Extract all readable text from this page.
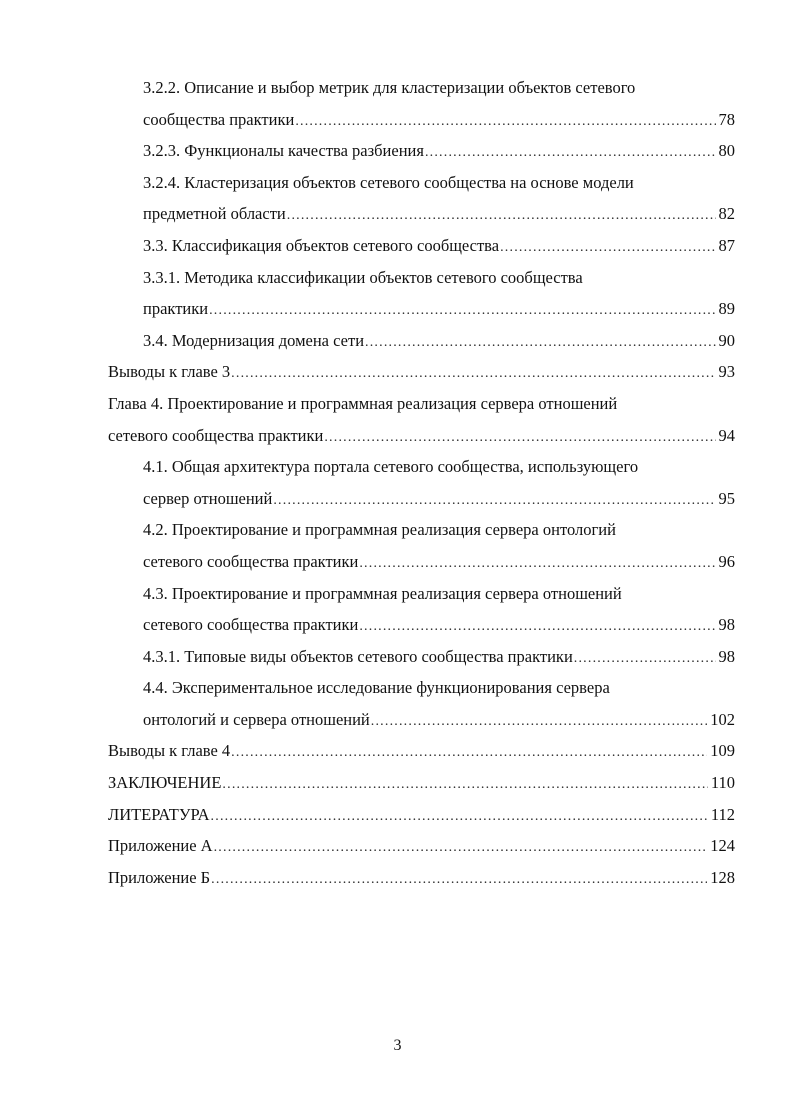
3.2.2. Описание и выбор метрик для кластеризации объектов сетевого
сообщества практики .....	78
3.2.3. Функционалы качества разбиения .....	80
3.2.4. Кластеризация объектов сетевого сообщества на основе модели
предметной области .....	82
3.3. Классификация объектов сетевого сообщества .....	87
3.3.1. Методика классификации объектов сетевого сообщества
практики .....	89
3.4. Модернизация домена сети .....	90
Выводы к главе 3 .....	93
Глава 4. Проектирование и программная реализация сервера отношений
сетевого сообщества практики .....	94
4.1. Общая архитектура портала сетевого сообщества, использующего
сервер отношений .....	95
4.2. Проектирование и программная реализация сервера онтологий
сетевого сообщества практики .....	96
4.3. Проектирование и программная реализация сервера отношений
сетевого сообщества практики .....	98
4.3.1. Типовые виды объектов сетевого сообщества практики .....	98
4.4. Экспериментальное исследование функционирования сервера
онтологий и сервера отношений .....	102
Выводы к главе 4 .....	109
ЗАКЛЮЧЕНИЕ .....	110
ЛИТЕРАТУРА .....	112
Приложение А .....	124
Приложение Б .....	128
3
